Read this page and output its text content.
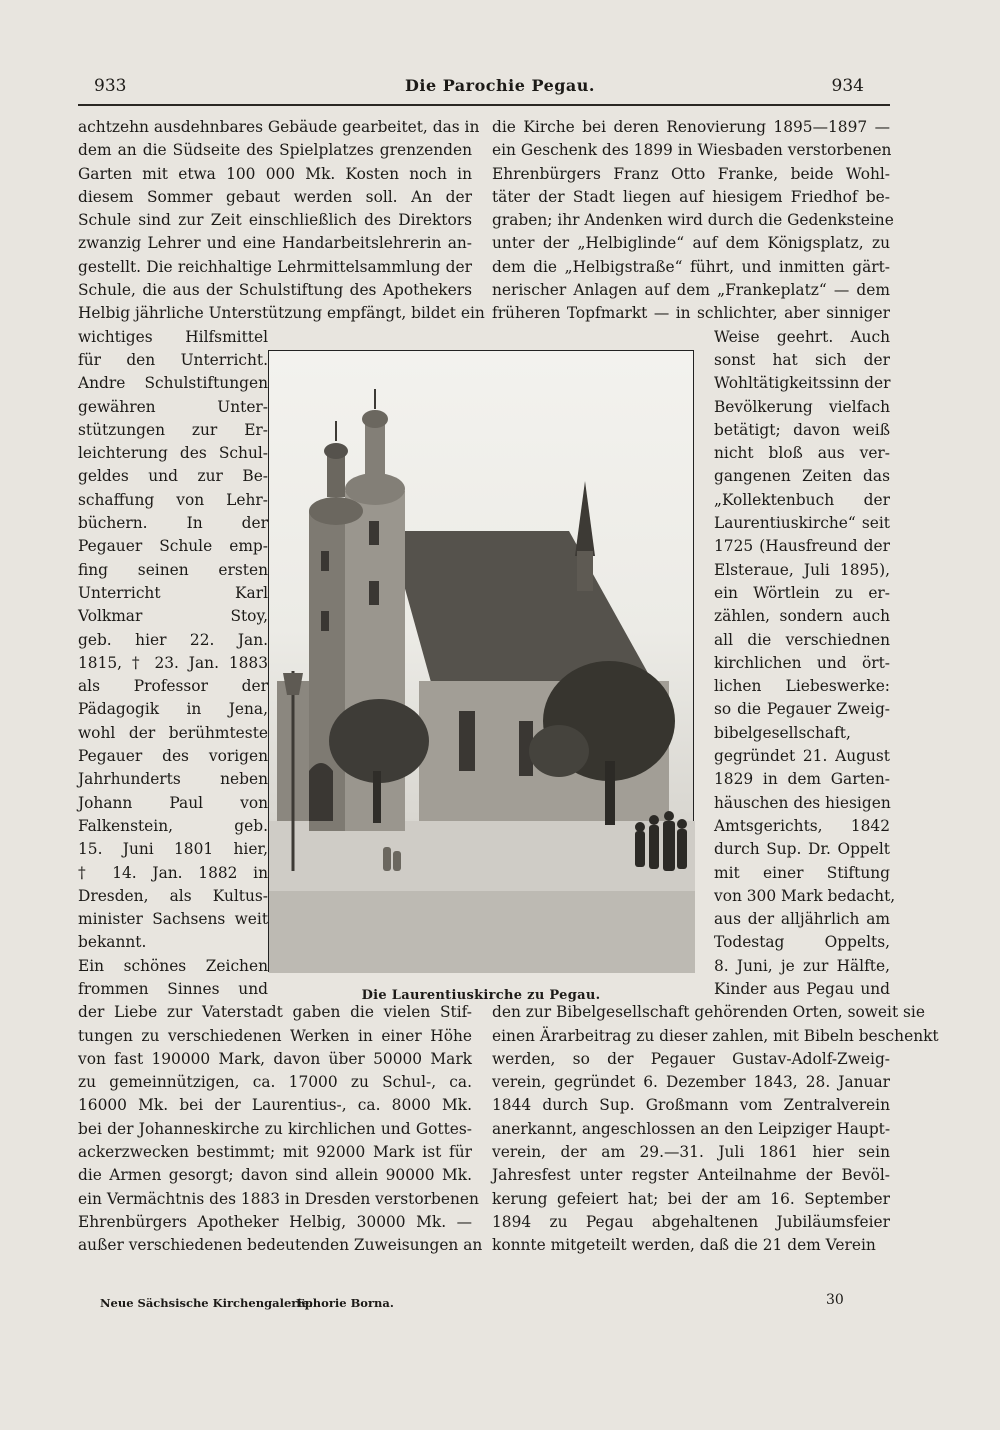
933	Die Parochie Pegau.	934
achtzehn ausdehnbares Gebäude gearbeitet, das in
dem an die Südseite des Spielplatzes grenzenden
Garten mit etwa 100 000 Mk. Kosten noch in
diesem Sommer gebaut werden soll. An der
Schule sind zur Zeit einschließlich des Direktors
zwanzig Lehrer und eine Handarbeitslehrerin an-
gestellt. Die reichhaltige Lehrmittelsammlung der
Schule, die aus der Schulstiftung des Apothekers
Helbig jährliche Unterstützung empfängt, bildet ein
wichtiges Hilfsmittel
für den Unterricht.
Andre Schulstiftungen
gewähren Unter-
stützungen zur Er-
leichterung des Schul-
geldes und zur Be-
schaffung von Lehr-
büchern. In der
Pegauer Schule emp-
fing seinen ersten
Unterricht Karl
Volkmar Stoy,
geb. hier 22. Jan.
1815, † 23. Jan. 1883
als Professor der
Pädagogik in Jena,
wohl der berühmteste
Pegauer des vorigen
Jahrhunderts neben
Johann Paul von
Falkenstein, geb.
15. Juni 1801 hier,
† 14. Jan. 1882 in
Dresden, als Kultus-
minister Sachsens weit
bekannt.
Ein schönes Zeichen
frommen Sinnes und
der Liebe zur Vaterstadt gaben die vielen Stif-
tungen zu verschiedenen Werken in einer Höhe
von fast 190000 Mark, davon über 50000 Mark
zu gemeinnützigen, ca. 17000 zu Schul-, ca.
16000 Mk. bei der Laurentius-, ca. 8000 Mk.
bei der Johanneskirche zu kirchlichen und Gottes-
ackerzwecken bestimmt; mit 92000 Mark ist für
die Armen gesorgt; davon sind allein 90000 Mk.
ein Vermächtnis des 1883 in Dresden verstorbenen
Ehrenbürgers Apotheker Helbig, 30000 Mk. —
außer verschiedenen bedeutenden Zuweisungen an
die Kirche bei deren Renovierung 1895—1897 —
ein Geschenk des 1899 in Wiesbaden verstorbenen
Ehrenbürgers Franz Otto Franke, beide Wohl-
täter der Stadt liegen auf hiesigem Friedhof be-
graben; ihr Andenken wird durch die Gedenksteine
unter der „Helbiglinde“ auf dem Königsplatz, zu
dem die „Helbigstraße“ führt, und inmitten gärt-
nerischer Anlagen auf dem „Frankeplatz“ — dem
früheren Topfmarkt — in schlichter, aber sinniger
Weise geehrt. Auch
sonst hat sich der
Wohltätigkeitssinn der
Bevölkerung vielfach
betätigt; davon weiß
nicht bloß aus ver-
gangenen Zeiten das
„Kollektenbuch der
Laurentiuskirche“ seit
1725 (Hausfreund der
Elsteraue, Juli 1895),
ein Wörtlein zu er-
zählen, sondern auch
all die verschiednen
kirchlichen und ört-
lichen Liebeswerke:
so die Pegauer Zweig-
bibelgesellschaft,
gegründet 21. August
1829 in dem Garten-
häuschen des hiesigen
Amtsgerichts, 1842
durch Sup. Dr. Oppelt
mit einer Stiftung
von 300 Mark bedacht,
aus der alljährlich am
Todestag Oppelts,
8. Juni, je zur Hälfte,
Kinder aus Pegau und
den zur Bibelgesellschaft gehörenden Orten, soweit sie
einen Ärarbeitrag zu dieser zahlen, mit Bibeln beschenkt
werden, so der Pegauer Gustav-Adolf-Zweig-
verein, gegründet 6. Dezember 1843, 28. Januar
1844 durch Sup. Großmann vom Zentralverein
anerkannt, angeschlossen an den Leipziger Haupt-
verein, der am 29.—31. Juli 1861 hier sein
Jahresfest unter regster Anteilnahme der Bevöl-
kerung gefeiert hat; bei der am 16. September
1894 zu Pegau abgehaltenen Jubiläumsfeier
konnte mitgeteilt werden, daß die 21 dem Verein
Die Laurentiuskirche zu Pegau.
Neue Sächsische Kirchengalerie.
Ephorie Borna.	30
